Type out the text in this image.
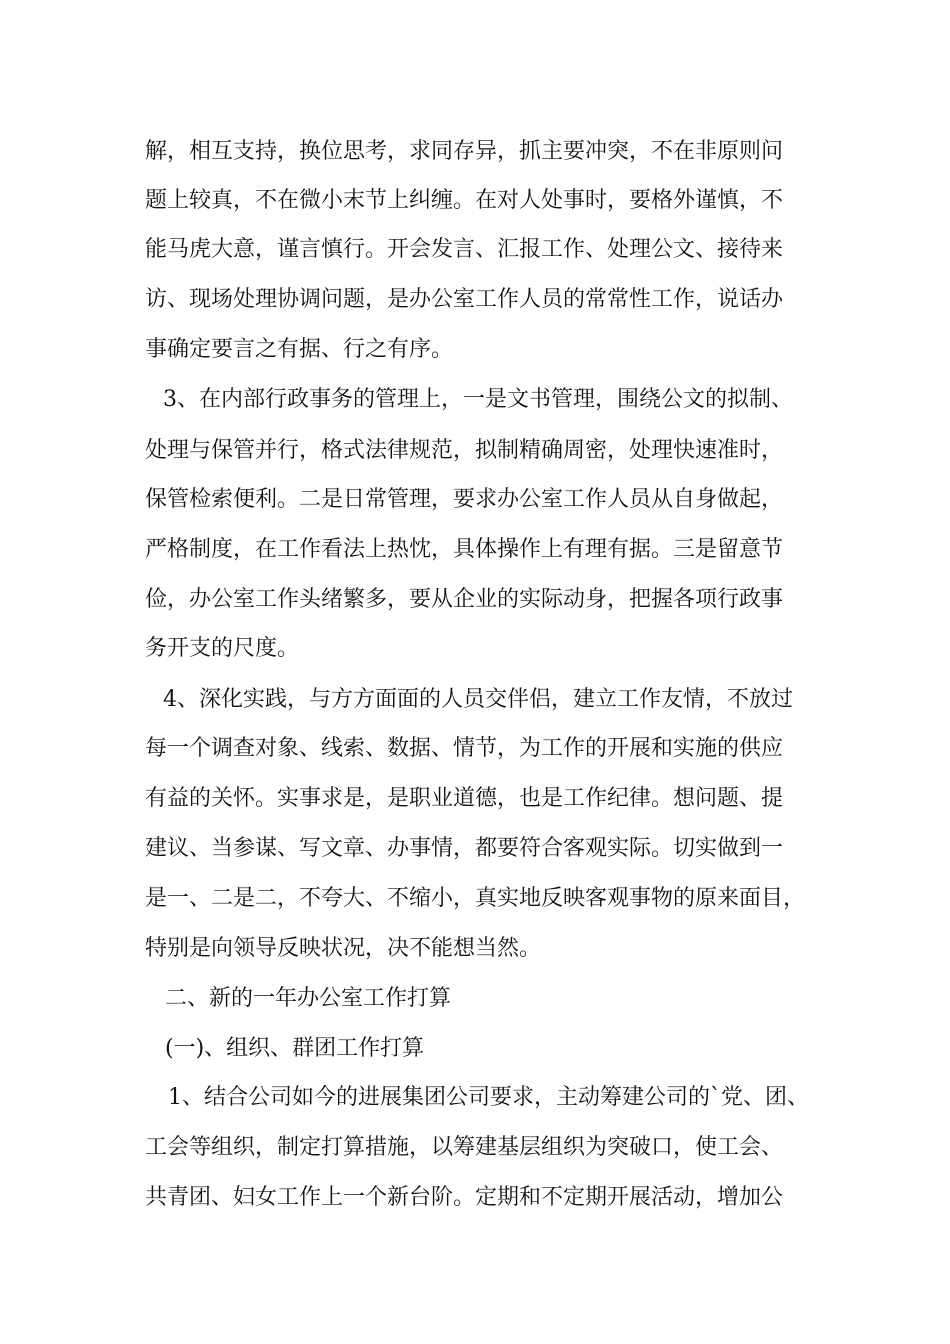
解，相互支持，换位思考，求同存异，抓主要冲突，不在非原则问
题上较真，不在微小末节上纠缠。在对人处事时，要格外谨慎，不
能马虎大意，谨言慎行。开会发言、汇报工作、处理公文、接待来
访、现场处理协调问题，是办公室工作人员的常常性工作，说话办
事确定要言之有据、行之有序。
3、在内部行政事务的管理上，一是文书管理，围绕公文的拟制、
处理与保管并行，格式法律规范，拟制精确周密，处理快速准时，
保管检索便利。二是日常管理，要求办公室工作人员从自身做起，
严格制度，在工作看法上热忱，具体操作上有理有据。三是留意节
俭，办公室工作头绪繁多，要从企业的实际动身，把握各项行政事
务开支的尺度。
4、深化实践，与方方面面的人员交伴侣，建立工作友情，不放过
每一个调查对象、线索、数据、情节，为工作的开展和实施的供应
有益的关怀。实事求是，是职业道德，也是工作纪律。想问题、提
建议、当参谋、写文章、办事情，都要符合客观实际。切实做到一
是一、二是二，不夸大、不缩小，真实地反映客观事物的原来面目，
特别是向领导反映状况，决不能想当然。
二、新的一年办公室工作打算
(一)、组织、群团工作打算
1、结合公司如今的进展集团公司要求，主动筹建公司的`党、团、
工会等组织，制定打算措施，以筹建基层组织为突破口，使工会、
共青团、妇女工作上一个新台阶。定期和不定期开展活动，增加公
